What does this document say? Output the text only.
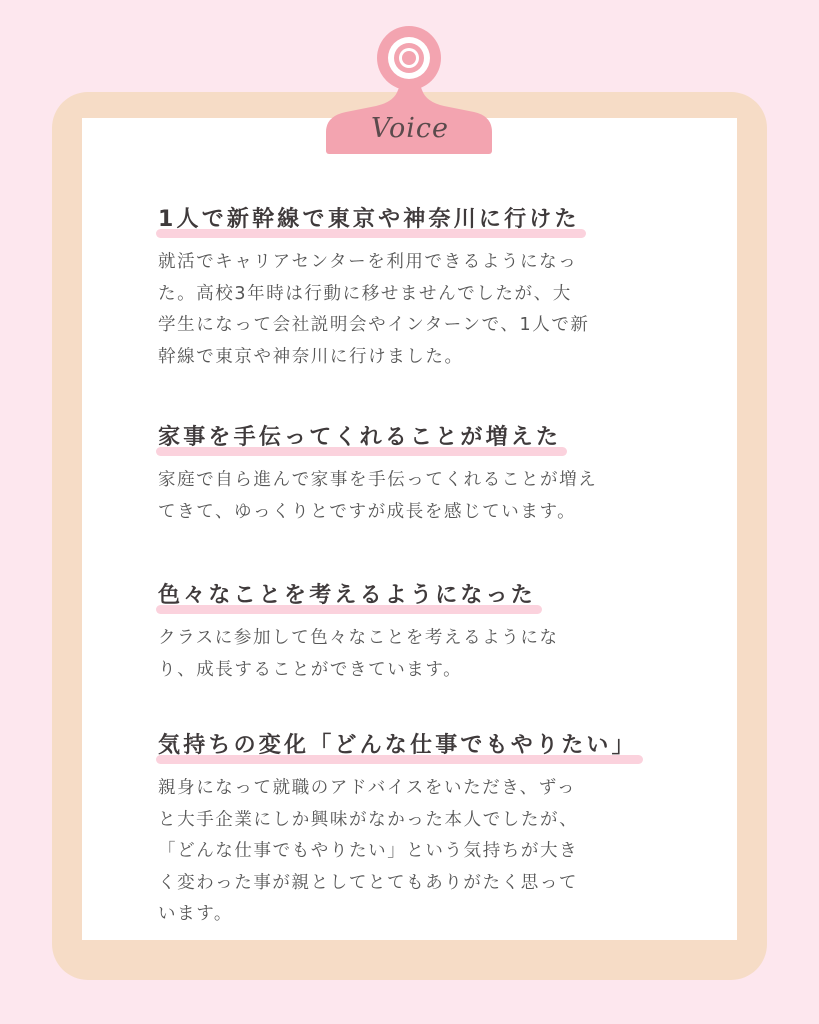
Voice
1人で新幹線で東京や神奈川に行けた
就活でキャリアセンターを利用できるようになっ
た。高校3年時は行動に移せませんでしたが、大
学生になって会社説明会やインターンで、1人で新
幹線で東京や神奈川に行けました。
家事を手伝ってくれることが増えた
家庭で自ら進んで家事を手伝ってくれることが増え
てきて、ゆっくりとですが成長を感じています。
色々なことを考えるようになった
クラスに参加して色々なことを考えるようにな
り、成長することができています。
気持ちの変化「どんな仕事でもやりたい」
親身になって就職のアドバイスをいただき、ずっ
と大手企業にしか興味がなかった本人でしたが、
「どんな仕事でもやりたい」という気持ちが大き
く変わった事が親としてとてもありがたく思って
います。
